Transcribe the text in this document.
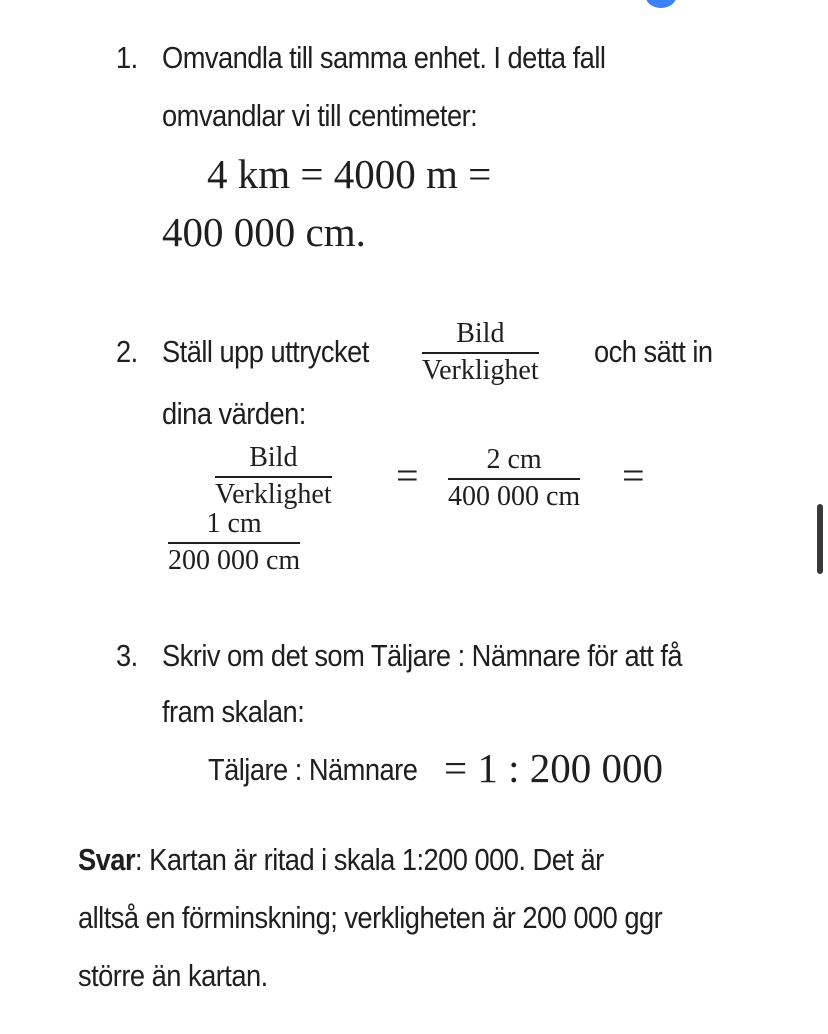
1. Omvandla till samma enhet. I detta fall
omvandlar vi till centimeter:
4 km = 4000 m =
400 000 cm.
2. Ställ upp uttrycket
Bild
Verklighet
och sätt in
dina värden:
Bild
Verklighet = 2 cm
400 000 cm =
1 cm
200 000 cm
3. Skriv om det som Täljare : Nämnare för att få
fram skalan:
Täljare : Nämnare = 1 : 200 000
Svar: Kartan är ritad i skala 1:200 000. Det är
alltså en förminskning; verkligheten är 200 000 ggr
större än kartan.
